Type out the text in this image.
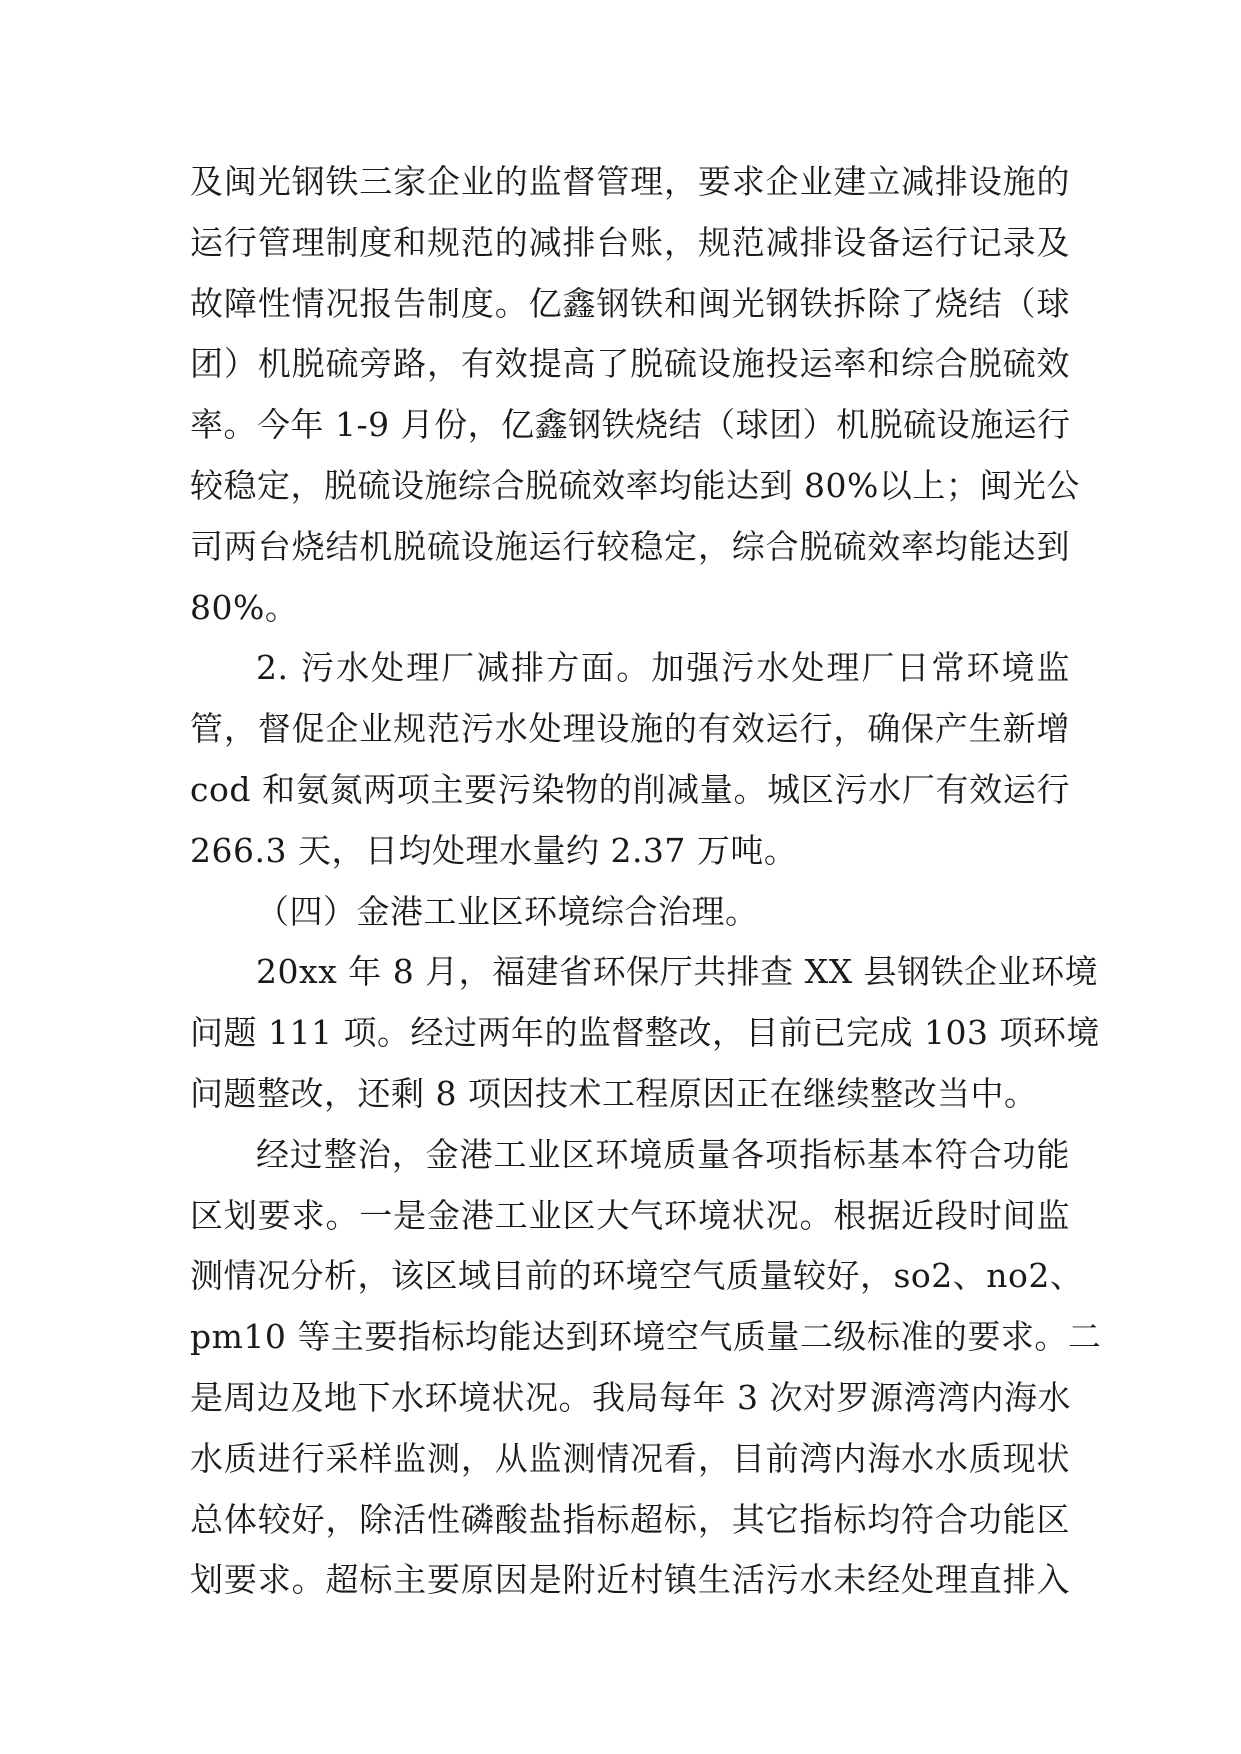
及闽光钢铁三家企业的监督管理，要求企业建立减排设施的
运行管理制度和规范的减排台账，规范减排设备运行记录及
故障性情况报告制度。亿鑫钢铁和闽光钢铁拆除了烧结（球
团）机脱硫旁路，有效提高了脱硫设施投运率和综合脱硫效
率。今年 1-9 月份，亿鑫钢铁烧结（球团）机脱硫设施运行
较稳定，脱硫设施综合脱硫效率均能达到 80%以上；闽光公
司两台烧结机脱硫设施运行较稳定，综合脱硫效率均能达到
80%。
2. 污水处理厂减排方面。加强污水处理厂日常环境监
管，督促企业规范污水处理设施的有效运行，确保产生新增
cod 和氨氮两项主要污染物的削减量。城区污水厂有效运行
266.3 天，日均处理水量约 2.37 万吨。
（四）金港工业区环境综合治理。
20xx 年 8 月，福建省环保厅共排查 XX 县钢铁企业环境
问题 111 项。经过两年的监督整改，目前已完成 103 项环境
问题整改，还剩 8 项因技术工程原因正在继续整改当中。
经过整治，金港工业区环境质量各项指标基本符合功能
区划要求。一是金港工业区大气环境状况。根据近段时间监
测情况分析，该区域目前的环境空气质量较好，so2、no2、
pm10 等主要指标均能达到环境空气质量二级标准的要求。二
是周边及地下水环境状况。我局每年 3 次对罗源湾湾内海水
水质进行采样监测，从监测情况看，目前湾内海水水质现状
总体较好，除活性磷酸盐指标超标，其它指标均符合功能区
划要求。超标主要原因是附近村镇生活污水未经处理直排入
